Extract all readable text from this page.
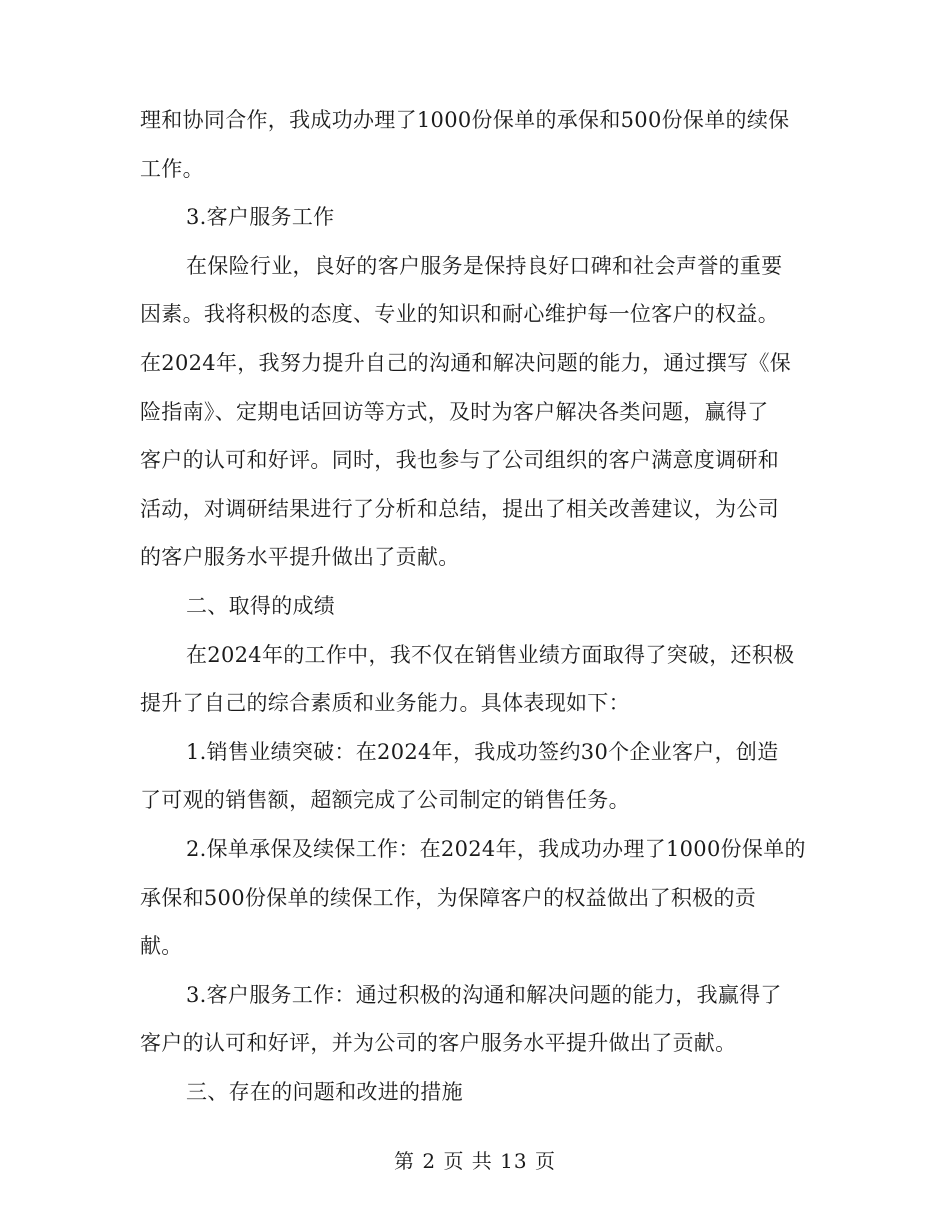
理和协同合作，我成功办理了1000份保单的承保和500份保单的续保
工作。
3.客户服务工作
在保险行业，良好的客户服务是保持良好口碑和社会声誉的重要
因素。我将积极的态度、专业的知识和耐心维护每一位客户的权益。
在2024年，我努力提升自己的沟通和解决问题的能力，通过撰写《保
险指南》、定期电话回访等方式，及时为客户解决各类问题，赢得了
客户的认可和好评。同时，我也参与了公司组织的客户满意度调研和
活动，对调研结果进行了分析和总结，提出了相关改善建议，为公司
的客户服务水平提升做出了贡献。
二、取得的成绩
在2024年的工作中，我不仅在销售业绩方面取得了突破，还积极
提升了自己的综合素质和业务能力。具体表现如下：
1.销售业绩突破：在2024年，我成功签约30个企业客户，创造
了可观的销售额，超额完成了公司制定的销售任务。
2.保单承保及续保工作：在2024年，我成功办理了1000份保单的
承保和500份保单的续保工作，为保障客户的权益做出了积极的贡
献。
3.客户服务工作：通过积极的沟通和解决问题的能力，我赢得了
客户的认可和好评，并为公司的客户服务水平提升做出了贡献。
三、存在的问题和改进的措施
第 2 页 共 13 页
